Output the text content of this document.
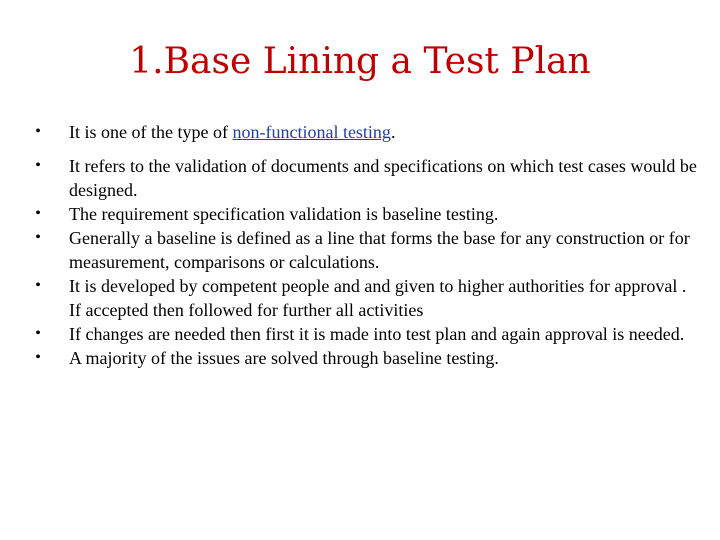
1.Base Lining a Test Plan
•	It is one of the type of non-functional testing.
•	It refers to the validation of documents and specifications on which test cases would be designed.
•	The requirement specification validation is baseline testing.
•	Generally a baseline is defined as a line that forms the base for any construction or for measurement, comparisons or calculations.
•	It is developed by competent people and and given to higher authorities for approval . If accepted then followed for further all activities
•	If changes are needed then first it is made into test plan and again approval is needed.
•	A majority of the issues are solved through baseline testing.
